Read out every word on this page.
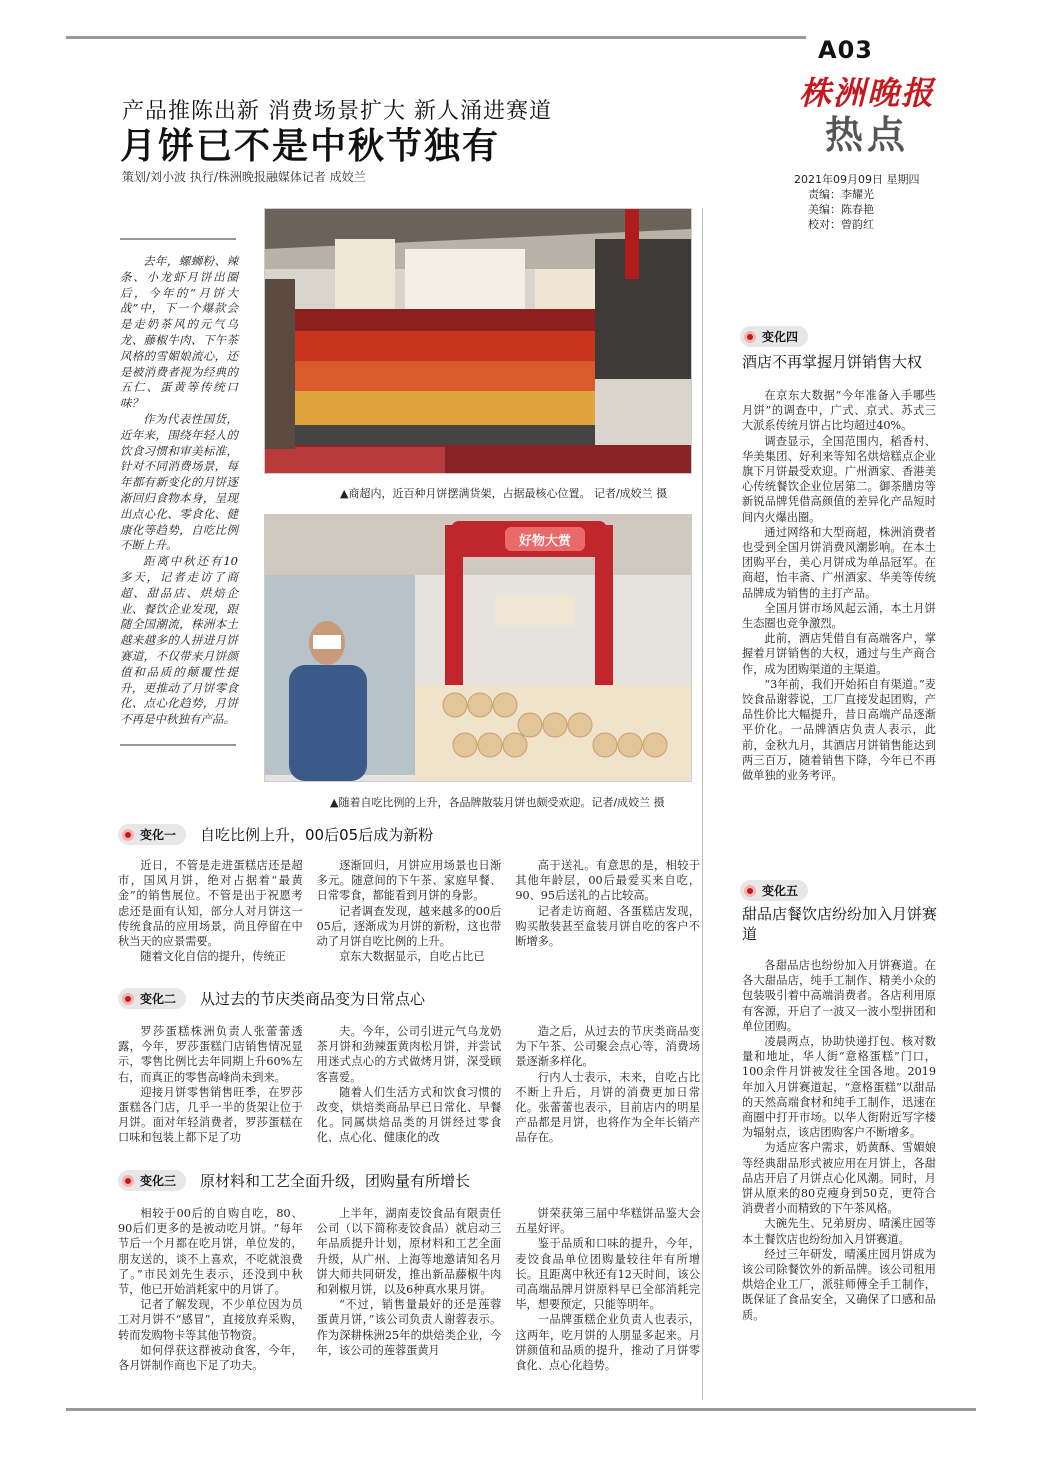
A03
株洲晚报
热点
2021年09月09日 星期四
责编：李耀光
美编：陈春艳
校对：曾韵红
产品推陈出新 消费场景扩大 新人涌进赛道
月饼已不是中秋节独有
策划/刘小波 执行/株洲晚报融媒体记者 成姣兰

去年，螺蛳粉、辣条、小龙虾月饼出圈后，今年的“月饼大战”中，下一个爆款会是走奶茶风的元气乌龙、藤椒牛肉、下午茶风格的雪媚娘流心，还是被消费者视为经典的五仁、蛋黄等传统口味？

作为代表性国货，近年来，围绕年轻人的饮食习惯和审美标准，针对不同消费场景，每年都有新变化的月饼逐渐回归食物本身，呈现出点心化、零食化、健康化等趋势，自吃比例不断上升。

距离中秋还有10多天，记者走访了商超、甜品店、烘焙企业、餐饮企业发现，跟随全国潮流，株洲本土越来越多的人拼进月饼赛道，不仅带来月饼颜值和品质的颠覆性提升，更推动了月饼零食化、点心化趋势，月饼不再是中秋独有产品。

▲商超内，近百种月饼摆满货架，占据最核心位置。 记者/成姣兰 摄
好物大赏
▲随着自吃比例的上升，各品牌散装月饼也颇受欢迎。记者/成姣兰 摄
变化一 自吃比例上升，00后05后成为新粉

近日，不管是走进蛋糕店还是超市，国风月饼，绝对占据着“最黄金”的销售展位。不管是出于祝愿考虑还是面有认知，部分人对月饼这一传统食品的应用场景，尚且停留在中秋当天的应景需要。

随着文化自信的提升，传统正

逐渐回归，月饼应用场景也日渐多元。随意间的下午茶、家庭早餐、日常零食，都能看到月饼的身影。

记者调查发现，越来越多的00后05后，逐渐成为月饼的新粉，这也带动了月饼自吃比例的上升。

京东大数据显示，自吃占比已

高于送礼。有意思的是，相较于其他年龄层，00后最爱买来自吃，90、95后送礼的占比较高。

记者走访商超、各蛋糕店发现，购买散装甚至盒装月饼自吃的客户不断增多。

变化二 从过去的节庆类商品变为日常点心

罗莎蛋糕株洲负责人张蕾蕾透露，今年，罗莎蛋糕门店销售情况显示，零售比例比去年同期上升60%左右，而真正的零售高峰尚未到来。

迎接月饼零售销售旺季，在罗莎蛋糕各门店，几乎一半的货架让位于月饼。面对年轻消费者，罗莎蛋糕在口味和包装上都下足了功

夫。今年，公司引进元气乌龙奶茶月饼和劲辣蛋黄肉松月饼，并尝试用迷式点心的方式做烤月饼，深受顾客喜爱。

随着人们生活方式和饮食习惯的改变，烘焙类商品早已日常化、早餐化。同属烘焙品类的月饼经过零食化、点心化、健康化的改

造之后，从过去的节庆类商品变为下午茶、公司聚会点心等，消费场景逐渐多样化。

行内人士表示，未来，自吃占比不断上升后，月饼的消费更加日常化。张蕾蕾也表示，目前店内的明星产品都是月饼，也将作为全年长销产品存在。

变化三 原材料和工艺全面升级，团购量有所增长

相较于00后的自购自吃，80、90后们更多的是被动吃月饼。“每年节后一个月都在吃月饼，单位发的，朋友送的，谈不上喜欢，不吃就浪费了。”市民刘先生表示，还没到中秋节，他已开始消耗家中的月饼了。

记者了解发现，不少单位因为员工对月饼不“感冒”，直接放弃采购，转而发购物卡等其他节物资。

如何俘获这群被动食客，今年，各月饼制作商也下足了功夫。

上半年，湖南麦饺食品有限责任公司（以下简称麦饺食品）就启动三年品质提升计划，原材料和工艺全面升级，从广州、上海等地邀请知名月饼大师共同研发，推出新品藤椒牛肉和剁椒月饼，以及6种真水果月饼。

“不过，销售量最好的还是莲蓉蛋黄月饼，”该公司负责人谢蓉表示。作为深耕株洲25年的烘焙类企业，今年，该公司的莲蓉蛋黄月

饼荣获第三届中华糕饼品鉴大会五星好评。

鉴于品质和口味的提升，今年，麦饺食品单位团购量较往年有所增长。且距离中秋还有12天时间，该公司高端品牌月饼原料早已全部消耗完毕，想要预定，只能等明年。

一品牌蛋糕企业负责人也表示，这两年，吃月饼的人朋显多起来。月饼颜值和品质的提升，推动了月饼零食化、点心化趋势。

变化四
酒店不再掌握月饼销售大权

在京东大数据“今年准备入手哪些月饼”的调查中，广式、京式、苏式三大派系传统月饼占比均超过40%。

调查显示，全国范围内，稻香村、华美集团、好利来等知名烘焙糕点企业旗下月饼最受欢迎。广州酒家、香港美心传统餐饮企业位居第二。御茶膳房等新锐品牌凭借高颜值的差异化产品短时间内火爆出圈。

通过网络和大型商超，株洲消费者也受到全国月饼消费风潮影响。在本土团购平台，美心月饼成为单品冠军。在商超，怡丰斋、广州酒家、华美等传统品牌成为销售的主打产品。

全国月饼市场风起云涌，本土月饼生态圈也竞争激烈。

此前，酒店凭借自有高端客户，掌握着月饼销售的大权，通过与生产商合作，成为团购渠道的主渠道。

“3年前，我们开始拓自有渠道。”麦饺食品谢蓉说，工厂直接发起团购，产品性价比大幅提升，昔日高端产品逐渐平价化。一品牌酒店负责人表示，此前，金秋九月，其酒店月饼销售能达到两三百万，随着销售下降，今年已不再做单独的业务考评。

变化五
甜品店餐饮店纷纷加入月饼赛道

各甜品店也纷纷加入月饼赛道。在各大甜品店，纯手工制作、精美小众的包装吸引着中高端消费者。各店利用原有客源，开启了一波又一波小型拼团和单位团购。

凌晨两点，协助快递打包、核对数量和地址，华人街“意格蛋糕”门口，100余件月饼被发往全国各地。2019年加入月饼赛道起，“意格蛋糕”以甜品的天然高端食材和纯手工制作，迅速在商圈中打开市场。以华人街附近写字楼为辐射点，该店团购客户不断增多。

为适应客户需求，奶黄酥、雪媚娘等经典甜品形式被应用在月饼上，各甜品店开启了月饼点心化风潮。同时，月饼从原来的80克瘦身到50克，更符合消费者小而精致的下午茶风格。

大碗先生、兄弟厨房、晴溪庄园等本土餐饮店也纷纷加入月饼赛道。

经过三年研发，晴溪庄园月饼成为该公司除餐饮外的新品牌。该公司租用烘焙企业工厂，派驻师傅全手工制作，既保证了食品安全，又确保了口感和品质。
